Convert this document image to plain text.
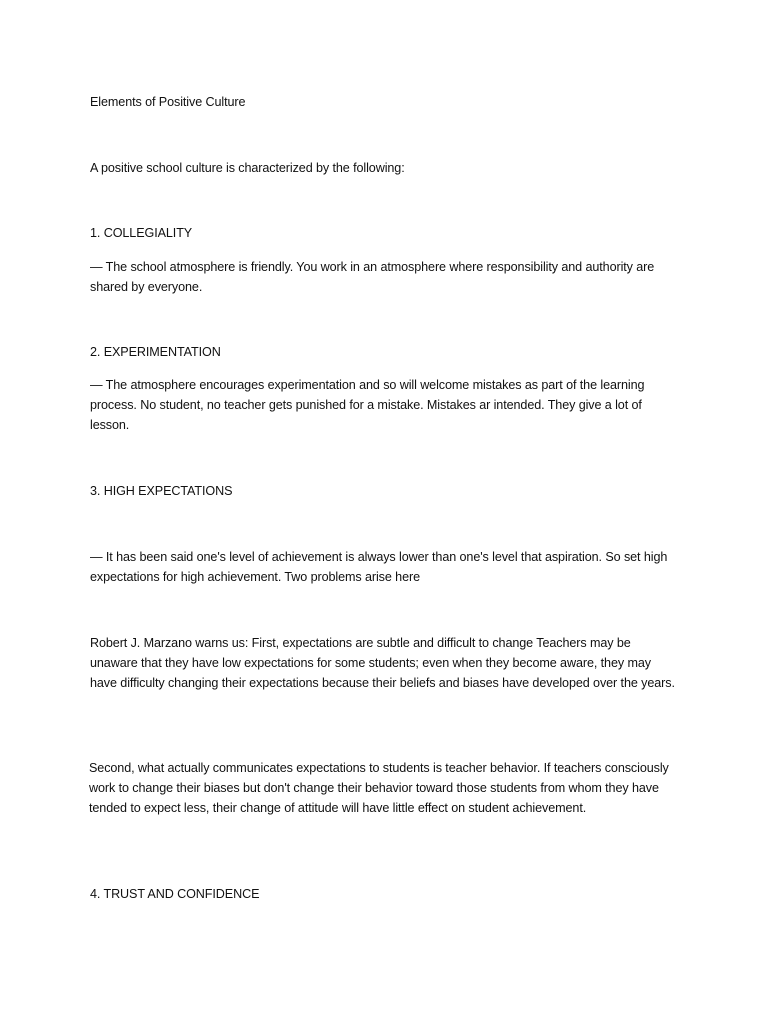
Elements of Positive Culture
A positive school culture is characterized by the following:
1. COLLEGIALITY
— The school atmosphere is friendly. You work in an atmosphere where responsibility and authority are shared by everyone.
2. EXPERIMENTATION
— The atmosphere encourages experimentation and so will welcome mistakes as part of the learning process. No student, no teacher gets punished for a mistake. Mistakes ar intended. They give a lot of lesson.
3. HIGH EXPECTATIONS
— It has been said one's level of achievement is always lower than one's level that aspiration. So set high expectations for high achievement. Two problems arise here
Robert J. Marzano warns us: First, expectations are subtle and difficult to change Teachers may be unaware that they have low expectations for some students; even when they become aware, they may have difficulty changing their expectations because their beliefs and biases have developed over the years.
Second, what actually communicates expectations to students is teacher behavior. If teachers consciously work to change their biases but don't change their behavior toward those students from whom they have tended to expect less, their change of attitude will have little effect on student achievement.
4. TRUST AND CONFIDENCE
